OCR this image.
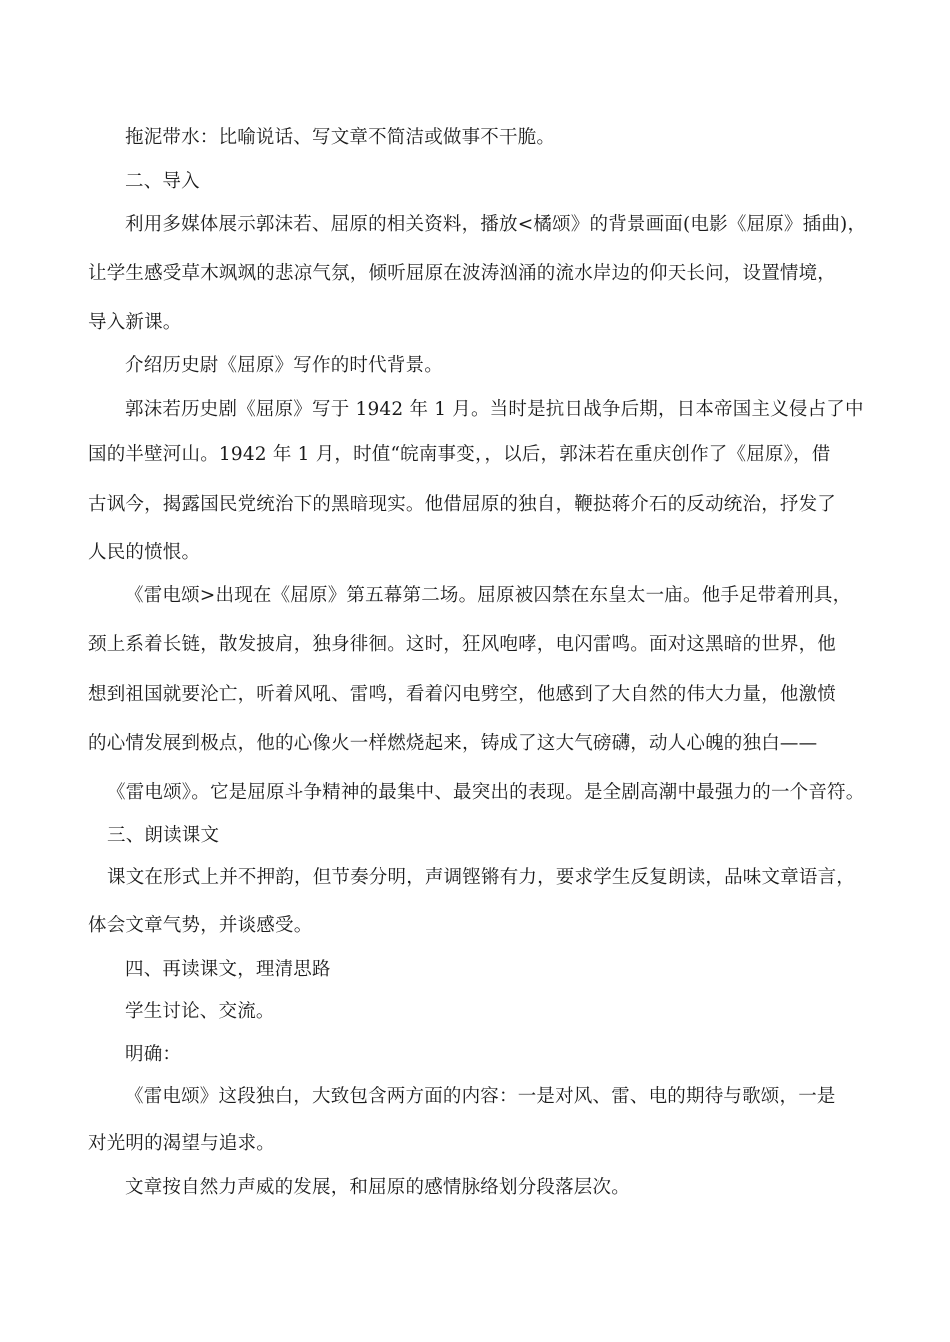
拖泥带水：比喻说话、写文章不简洁或做事不干脆。
二、导入
利用多媒体展示郭沫若、屈原的相关资料，播放<橘颂》的背景画面(电影《屈原》插曲)，
让学生感受草木飒飒的悲凉气氛，倾听屈原在波涛汹涌的流水岸边的仰天长问，设置情境，
导入新课。
介绍历史尉《屈原》写作的时代背景。
郭沫若历史剧《屈原》写于 1942 年 1 月。当时是抗日战争后期，日本帝国主义侵占了中
国的半壁河山。1942 年 1 月，时值“皖南事变，，以后，郭沫若在重庆创作了《屈原》，借
古讽今，揭露国民党统治下的黑暗现实。他借屈原的独自，鞭挞蒋介石的反动统治，抒发了
人民的愤恨。
《雷电颂>出现在《屈原》第五幕第二场。屈原被囚禁在东皇太一庙。他手足带着刑具，
颈上系着长链，散发披肩，独身徘徊。这时，狂风咆哮，电闪雷鸣。面对这黑暗的世界，他
想到祖国就要沦亡，听着风吼、雷鸣，看着闪电劈空，他感到了大自然的伟大力量，他激愤
的心情发展到极点，他的心像火一样燃烧起来，铸成了这大气磅礴，动人心魄的独白——
《雷电颂》。它是屈原斗争精神的最集中、最突出的表现。是全剧高潮中最强力的一个音符。
三、朗读课文
课文在形式上并不押韵，但节奏分明，声调铿锵有力，要求学生反复朗读，品味文章语言，
体会文章气势，并谈感受。
四、再读课文，理清思路
学生讨论、交流。
明确：
《雷电颂》这段独白，大致包含两方面的内容：一是对风、雷、电的期待与歌颂，一是
对光明的渴望与追求。
文章按自然力声威的发展，和屈原的感情脉络划分段落层次。
